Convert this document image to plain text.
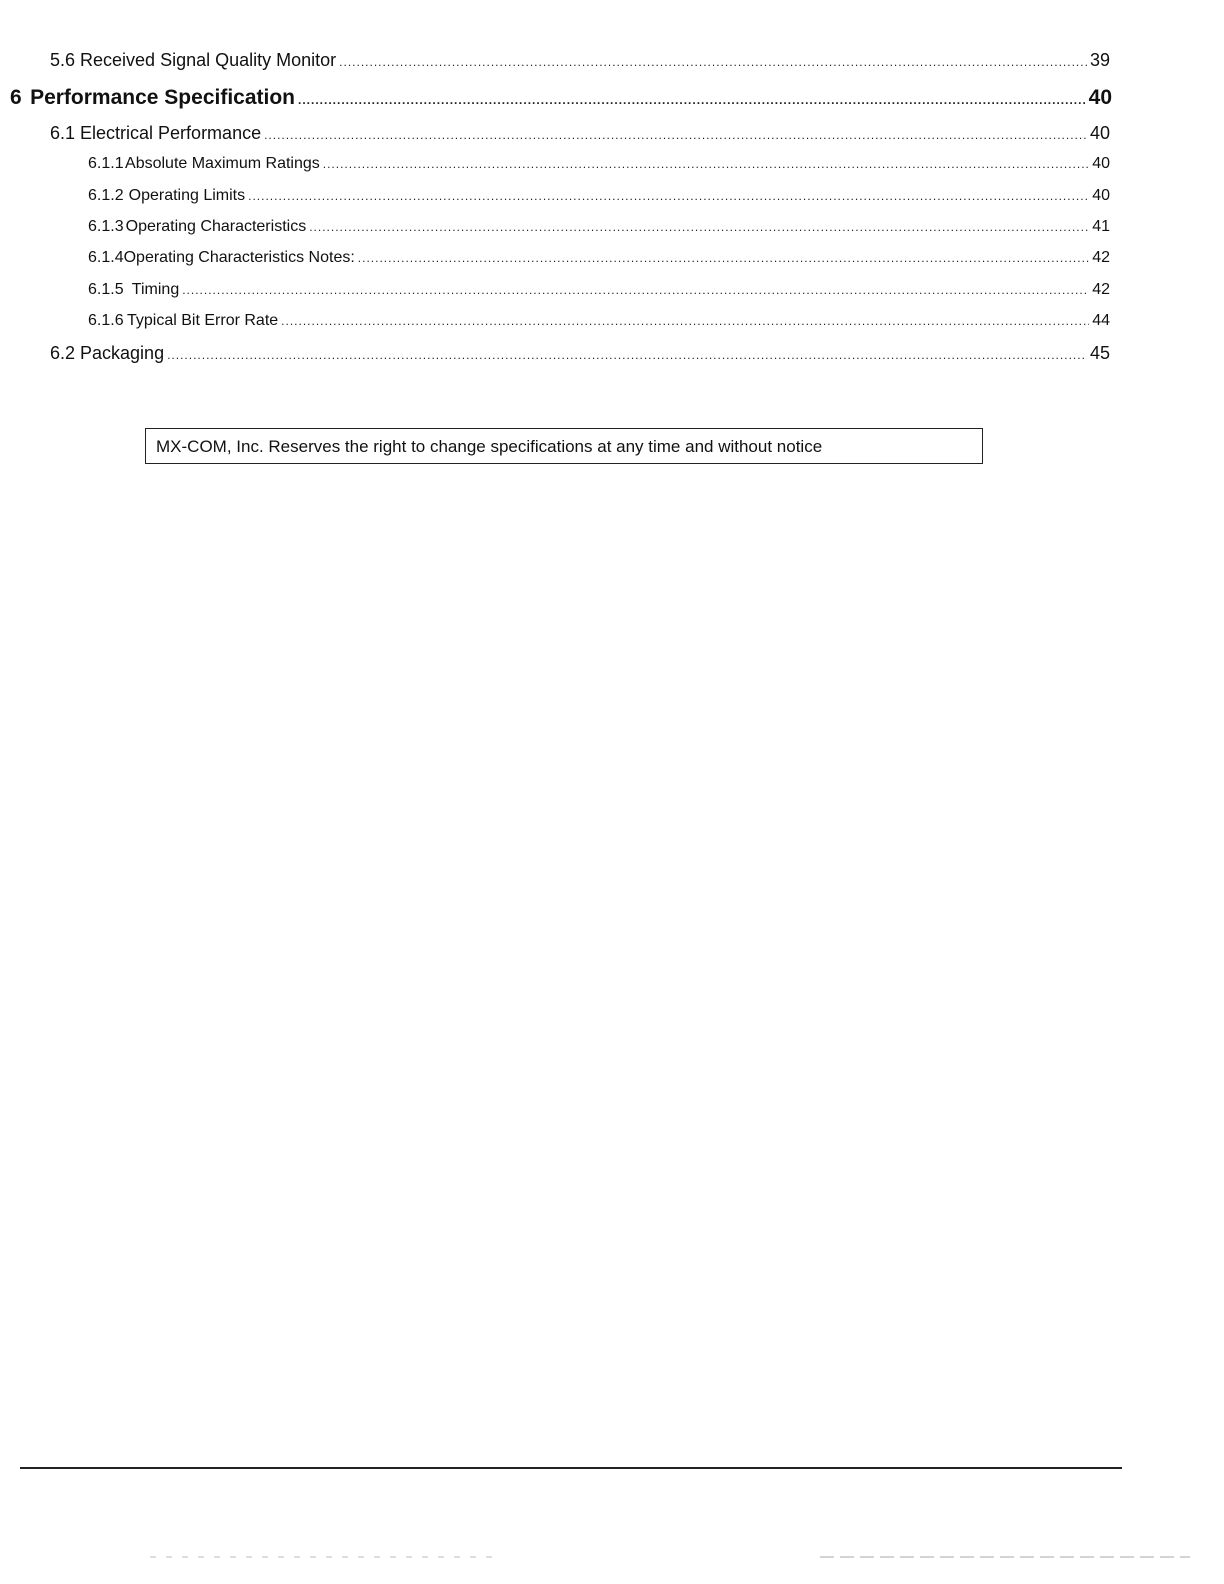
5.6 Received Signal Quality Monitor .....	39
6 Performance Specification .....	40
6.1 Electrical Performance .....	40
6.1.1 Absolute Maximum Ratings .....	40
6.1.2 Operating Limits .....	40
6.1.3 Operating Characteristics .....	41
6.1.4 Operating Characteristics Notes: .....	42
6.1.5 Timing .....	42
6.1.6 Typical Bit Error Rate .....	44
6.2 Packaging .....	45
MX-COM, Inc. Reserves the right to change specifications at any time and without notice
